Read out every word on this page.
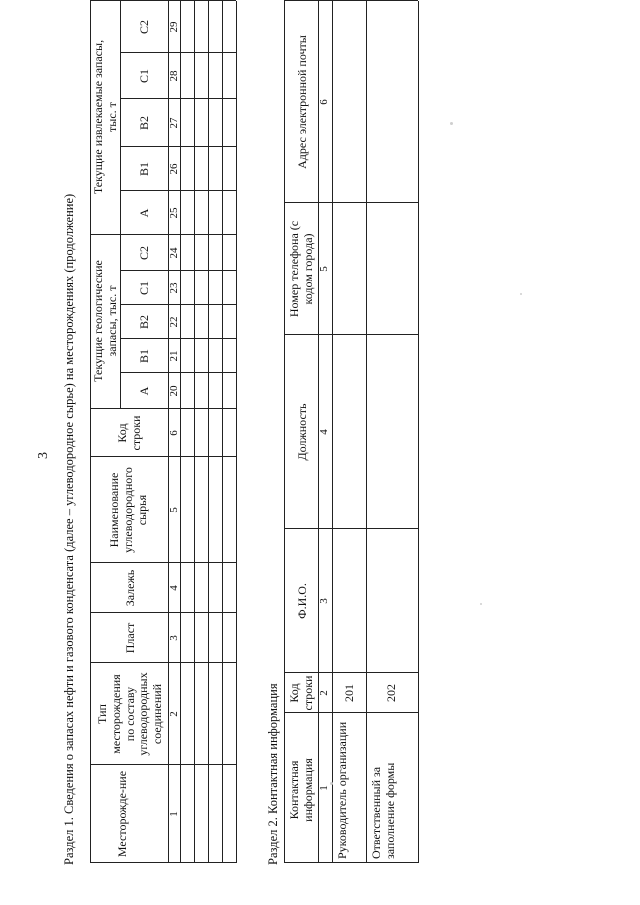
3 Раздел 1. Сведения о запасах нефти и газового конденсата (далее – углеводородное сырье) на месторождениях (продолжение)	Месторожде-ние
Тип месторождения по составу углеводородных соединений
Пласт
Залежь
Наименование углеводородного сырья
Код строки
Текущие геологические запасы, тыс. т
Текущие извлекаемые запасы, тыс. т
A
B1
B2
C1
C2
A
B1
B2
C1
C2
1
2
3
4
5
6
20
21
22
23
24
25
26
27
28
29
Раздел 2. Контактная информация Контактная информация
Код строки
Ф.И.О.
Должность
Номер телефона (с кодом города)
Адрес электронной почты
1
2
3
4
5
6
Руководитель организации
201
Ответственный за заполнение формы
202
